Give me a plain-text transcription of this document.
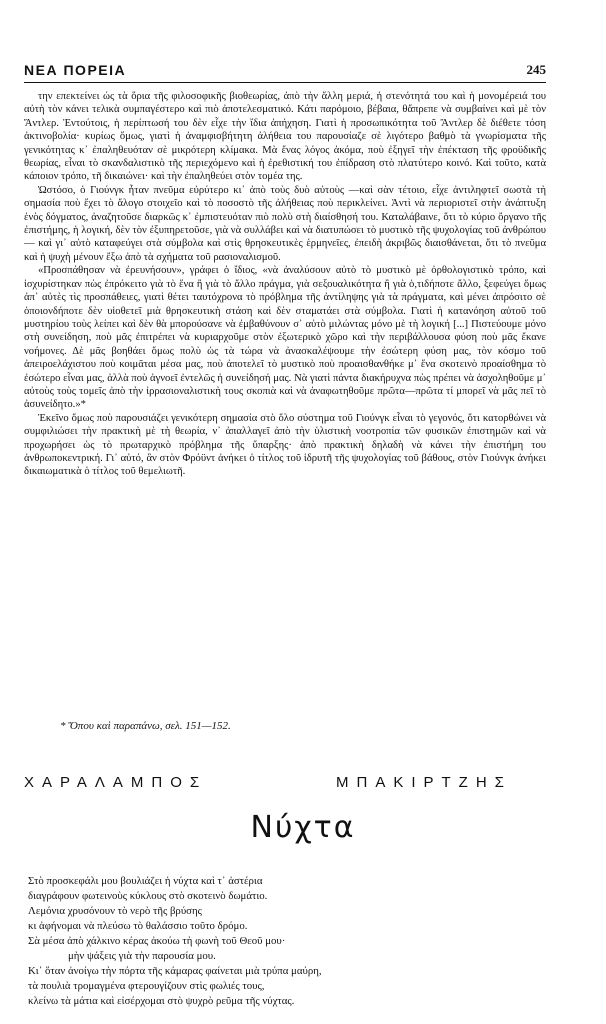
ΝΕΑ ΠΟΡΕΙΑ	245

την επεκτείνει ώς τὰ ὅρια τῆς φιλοσοφικῆς βιοθεωρίας, ἀπὸ τὴν ἄλλη μεριά, ἡ στενότητά του καὶ ἡ μονομέρειά του αὐτὴ τὸν κάνει τελικὰ συμπαγέστερο καὶ πιὸ ἀποτελεσματικό. Κάτι παρόμοιο, βέβαια, θἄπρεπε νὰ συμβαίνει καὶ μὲ τὸν Ἄντλερ. Ἐντούτοις, ἡ περίπτωσή του δὲν εἶχε τὴν ἴδια ἀπήχηση. Γιατὶ ἡ προσωπικότητα τοῦ Ἄντλερ δὲ διέθετε τόση ἀκτινοβολία· κυρίως ὅμως, γιατὶ ἡ ἀναμφισβήτητη ἀλήθεια του παρουσίαζε σὲ λιγότερο βαθμὸ τὰ γνωρίσματα τῆς γενικότητας κ᾽ ἐπαληθευόταν σὲ μικρότερη κλίμακα. Μὰ ἕνας λόγος ἀκόμα, ποὺ ἐξηγεῖ τὴν ἐπέκταση τῆς φροϋδικῆς θεωρίας, εἶναι τὸ σκανδαλιστικὸ τῆς περιεχόμενο καὶ ἡ ἐρεθιστική του ἐπίδραση στὸ πλατύτερο κοινό. Καὶ τοῦτο, κατὰ κάποιον τρόπο, τῆ δικαιώνει· καὶ τὴν ἐπαληθεύει στὸν τομέα της.

Ὡστόσο, ὁ Γιούνγκ ἦταν πνεῦμα εὐρύτερο κι᾽ ἀπὸ τοὺς δυὸ αὐτοὺς —καὶ σὰν τέτοιο, εἶχε ἀντιληφτεῖ σωστὰ τὴ σημασία ποὺ ἔχει τὸ ἄλογο στοιχεῖο καὶ τὸ ποσοστὸ τῆς ἀλήθειας ποὺ περικλείνει. Ἀντὶ νὰ περιοριστεῖ στὴν ἀνάπτυξη ἑνὸς δόγματος, ἀναζητοῦσε διαρκῶς κ᾽ ἐμπιστευόταν πιὸ πολὺ στὴ διαίσθησή του. Καταλάβαινε, ὅτι τὸ κύριο ὄργανο τῆς ἐπιστήμης, ἡ λογική, δὲν τὸν ἐξυπηρετοῦσε, γιὰ νὰ συλλάβει καὶ νὰ διατυπώσει τὸ μυστικὸ τῆς ψυχολογίας τοῦ ἀνθρώπου— καὶ γι᾽ αὐτὸ καταφεύγει στὰ σύμβολα καὶ στὶς θρησκευτικὲς ἑρμηνεῖες, ἐπειδὴ ἀκριβῶς διαισθάνεται, ὅτι τὸ πνεῦμα καὶ ἡ ψυχὴ μένουν ἔξω ἀπὸ τὰ σχήματα τοῦ ρασιοναλισμοῦ.

«Προσπάθησαν νὰ ἐρευνήσουν», γράφει ὁ ἴδιος, «νὰ ἀναλύσουν αὐτὸ τὸ μυστικὸ μὲ ὀρθολογιστικὸ τρόπο, καὶ ἰσχυρίστηκαν πὼς ἐπρόκειτο γιὰ τὸ ἕνα ἢ γιὰ τὸ ἄλλο πράγμα, γιὰ σεξουαλικότητα ἢ γιὰ ὁ,τιδήποτε ἄλλο, ξεφεύγει ὅμως ἀπ᾽ αὐτὲς τὶς προσπάθειες, γιατὶ θέτει ταυτόχρονα τὸ πρόβλημα τῆς ἀντίληψης γιὰ τὰ πράγματα, καὶ μένει ἀπρόσιτο σὲ ὁποιονδήποτε δὲν υἱοθετεῖ μιὰ θρησκευτικὴ στάση καὶ δὲν σταματάει στὰ σύμβολα. Γιατὶ ἡ κατανόηση αὐτοῦ τοῦ μυστηρίου τοὺς λείπει καὶ δὲν θὰ μπορούσανε νὰ ἐμβαθύνουν σ᾽ αὐτὸ μιλώντας μόνο μὲ τὴ λογική [...] Πιστεύουμε μόνο στὴ συνείδηση, ποὺ μᾶς ἐπιτρέπει νὰ κυριαρχοῦμε στὸν ἐξωτερικὸ χῶρο καὶ τὴν περιβάλλουσα φύση ποὺ μᾶς ἔκανε νοήμονες. Δὲ μᾶς βοηθάει ὅμως πολὺ ὡς τὰ τώρα νὰ ἀνασκαλέψουμε τὴν ἐσώτερη φύση μας, τὸν κόσμο τοῦ ἀπειροελάχιστου ποὺ κοιμᾶται μέσα μας, ποὺ ἀποτελεῖ τὸ μυστικὸ ποὺ προαισθανθήκε μ᾽ ἕνα σκοτεινὸ προαίσθημα τὸ ἐσώτερο εἶναι μας, ἀλλὰ ποὺ ἀγνοεῖ ἐντελῶς ἡ συνείδησή μας. Νὰ γιατὶ πάντα διακήρυχνα πὼς πρέπει νὰ ἀσχοληθοῦμε μ᾽ αὐτοὺς τοὺς τομεῖς ἀπὸ τὴν ἰρρασιοναλιστικὴ τους σκοπιὰ καὶ νὰ ἀναφωτηθοῦμε πρῶτα—πρῶτα τί μπορεῖ νὰ μᾶς πεῖ τὸ ἀσυνείδητο.»*

Ἐκεῖνο ὅμως ποὺ παρουσιάζει γενικότερη σημασία στὸ ὅλο σύστημα τοῦ Γιούνγκ εἶναι τὸ γεγονός, ὅτι κατορθώνει νὰ συμφιλιώσει τὴν πρακτικὴ μὲ τὴ θεωρία, ν᾽ ἀπαλλαγεῖ ἀπὸ τὴν ὑλιστικὴ νοοτροπία τῶν φυσικῶν ἐπιστημῶν καὶ νὰ προχωρήσει ὡς τὸ πρωταρχικὸ πρόβλημα τῆς ὕπαρξης· ἀπὸ πρακτικὴ δηλαδὴ νὰ κάνει τὴν ἐπιστήμη του ἀνθρωποκεντρική. Γι᾽ αὐτό, ἂν στὸν Φρόϋντ ἀνήκει ὁ τίτλος τοῦ ἱδρυτῆ τῆς ψυχολογίας τοῦ βάθους, στὸν Γιούνγκ ἀνήκει δικαιωματικὰ ὁ τίτλος τοῦ θεμελιωτῆ.

* Ὅπου καὶ παραπάνω, σελ. 151—152.
ΧΑΡΑΛΑΜΠΟΣ	ΜΠΑΚΙΡΤΖΗΣ
Νύχτα
Στὸ προσκεφάλι μου βουλιάζει ἡ νύχτα καὶ τ᾽ ἀστέρια
διαγράφουν φωτεινοὺς κύκλους στὸ σκοτεινὸ δωμάτιο.
Λεμόνια χρυσόνουν τὸ νερὸ τῆς βρύσης
κι ἀφήνομαι νὰ πλεύσω τὸ θαλάσσιο τοῦτο δρόμο.
Σὰ μέσα ἀπὸ χάλκινο κέρας ἀκούω τὴ φωνὴ τοῦ Θεοῦ μου·
μὴν ψάξεις γιὰ τὴν παρουσία μου.
Κι᾽ ὅταν ἀνοίγω τὴν πόρτα τῆς κάμαρας φαίνεται μιὰ τρύπα μαύρη,
τὰ πουλιὰ τρομαγμένα φτερουγίζουν στὶς φωλιές τους,
κλείνω τὰ μάτια καὶ εἰσέρχομαι στὸ ψυχρὸ ρεῦμα τῆς νύχτας.
